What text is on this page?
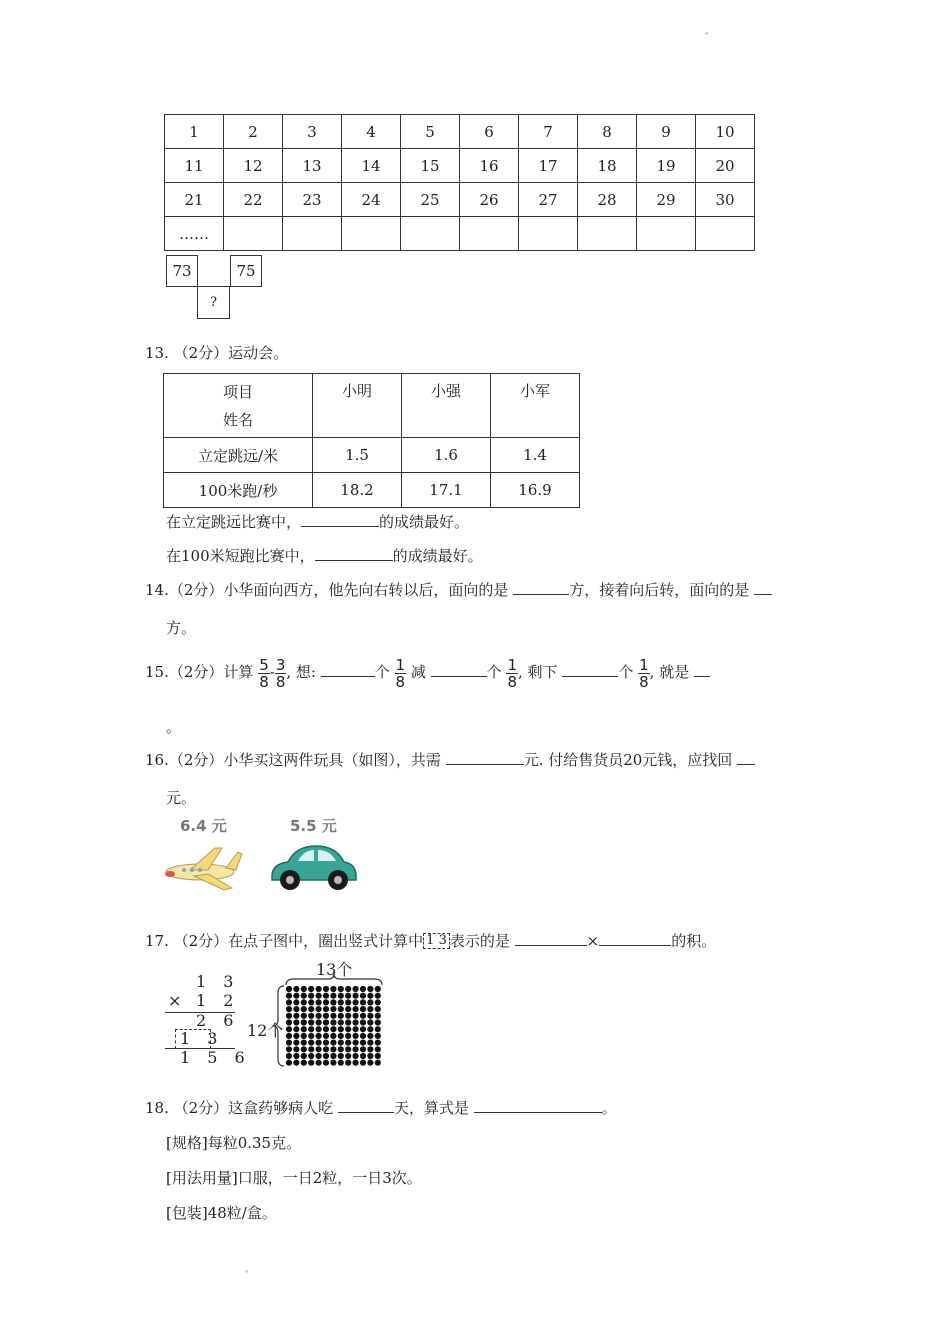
"
"
1	2	3	4	5	6	7	8	9	10
11	12	13	14	15	16	17	18	19	20
21	22	23	24	25	26	27	28	29	30
……									
73	75
?
13. （2分）运动会。
项目
姓名	小明	小强	小军
立定跳远/米	1.5	1.6	1.4
100米跑/秒	18.2	17.1	16.9
在立定跳远比赛中，	的成绩最好。
在100米短跑比赛中，	的成绩最好。
14.（2分）小华面向西方，他先向右转以后，面向的是	方，接着向后转，面向的是
方。
15.（2分）计算 $\frac{5}{8} - \frac{3}{8}$ , 想:	个 $\frac{1}{8}$ 减	个 $\frac{1}{8}$ , 剩下	个 $\frac{1}{8}$ , 就是
。
16.（2分）小华买这两件玩具（如图），共需	元. 付给售货员20元钱，应找回
元。
6.4 元	5.5 元
17. （2分）在点子图中，圈出竖式计算中 1 3 表示的是	×	的积。
1 3
× 1 2
2 6
1 3
1 5 6
13个
12个
18. （2分）这盒药够病人吃	天，算式是	。
[规格]每粒0.35克。
[用法用量]口服，一日2粒，一日3次。
[包装]48粒/盒。
